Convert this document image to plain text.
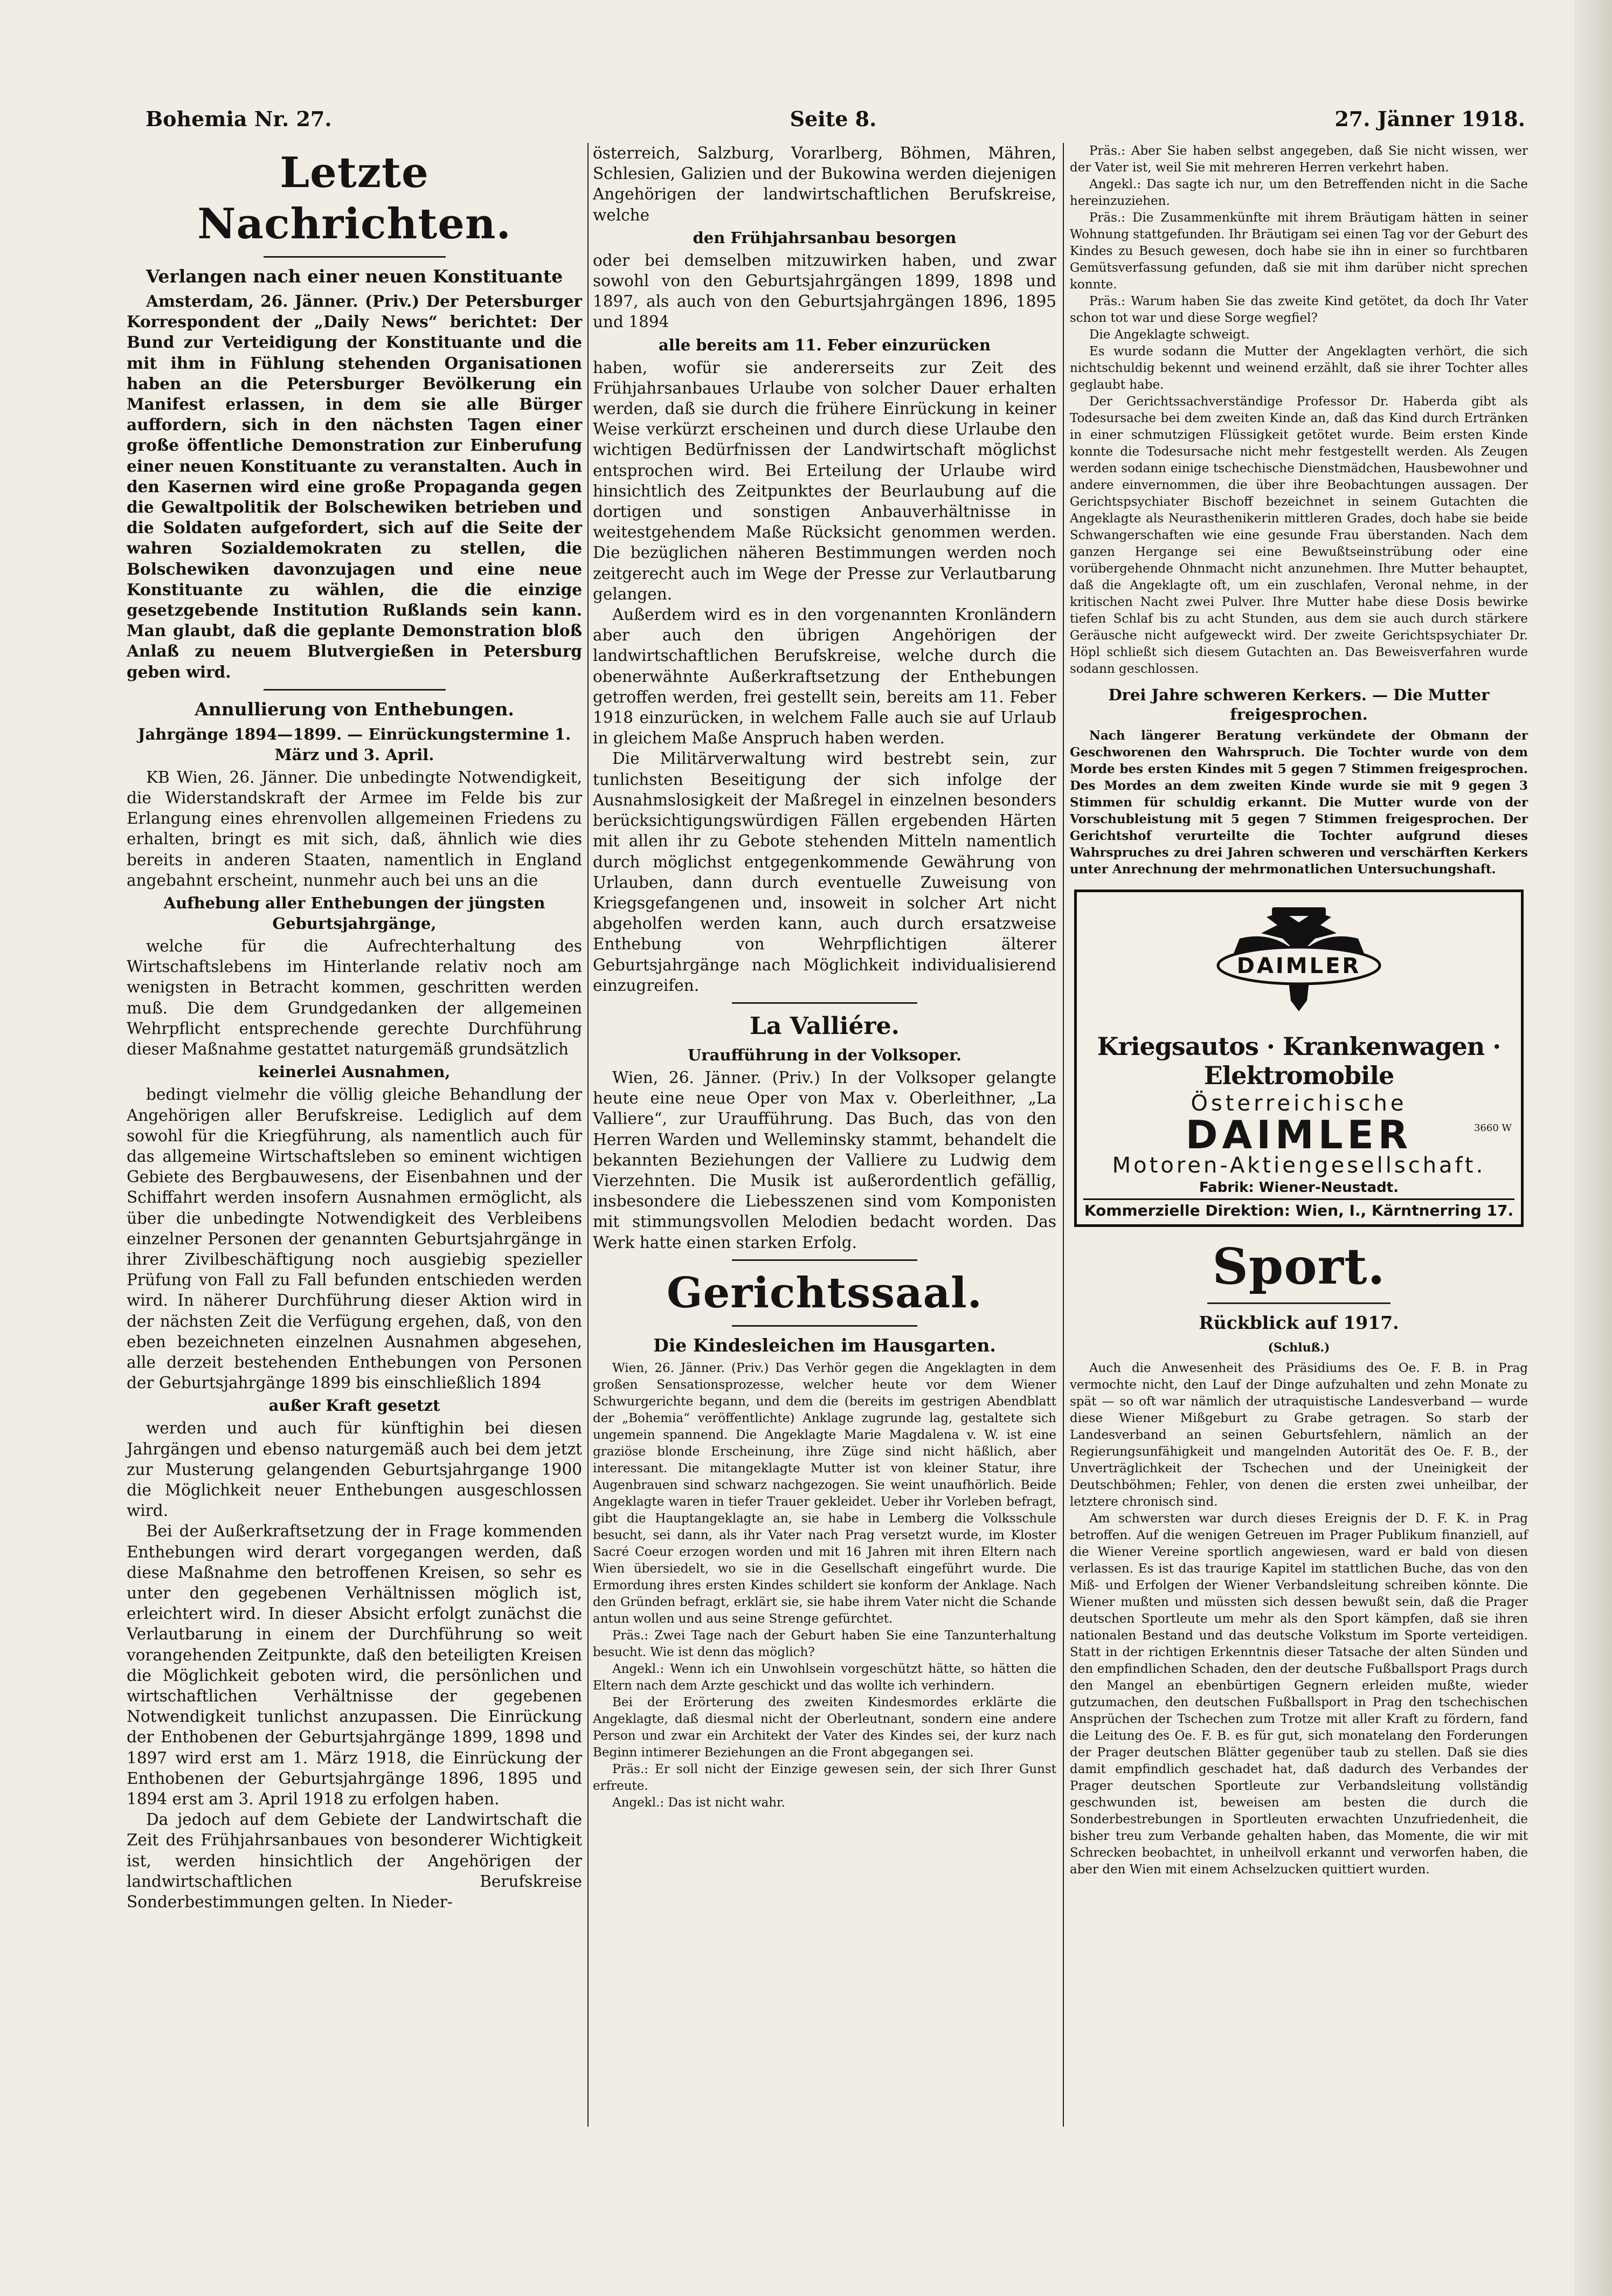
Bohemia Nr. 27.	Seite 8.	27. Jänner 1918.
Letzte Nachrichten.
Verlangen nach einer neuen Konstituante

Amsterdam, 26. Jänner. (Priv.) Der Petersburger Korrespondent der „Daily News“ berichtet: Der Bund zur Verteidigung der Konstituante und die mit ihm in Fühlung stehenden Organisationen haben an die Petersburger Bevölkerung ein Manifest erlassen, in dem sie alle Bürger auffordern, sich in den nächsten Tagen einer große öffentliche Demonstration zur Einberufung einer neuen Konstituante zu veranstalten. Auch in den Kasernen wird eine große Propaganda gegen die Gewaltpolitik der Bolschewiken betrieben und die Soldaten aufgefordert, sich auf die Seite der wahren Sozialdemokraten zu stellen, die Bolschewiken davonzujagen und eine neue Konstituante zu wählen, die die einzige gesetzgebende Institution Rußlands sein kann. Man glaubt, daß die geplante Demonstration bloß Anlaß zu neuem Blutvergießen in Petersburg geben wird.

Annullierung von Enthebungen.
Jahrgänge 1894—1899. — Einrückungstermine 1. März und 3. April.

KB Wien, 26. Jänner. Die unbedingte Notwendigkeit, die Widerstandskraft der Armee im Felde bis zur Erlangung eines ehrenvollen allgemeinen Friedens zu erhalten, bringt es mit sich, daß, ähnlich wie dies bereits in anderen Staaten, namentlich in England angebahnt erscheint, nunmehr auch bei uns an die

Aufhebung aller Enthebungen der jüngsten Geburtsjahrgänge,

welche für die Aufrechterhaltung des Wirtschaftslebens im Hinterlande relativ noch am wenigsten in Betracht kommen, geschritten werden muß. Die dem Grundgedanken der allgemeinen Wehrpflicht entsprechende gerechte Durchführung dieser Maßnahme gestattet naturgemäß grundsätzlich

keinerlei Ausnahmen,

bedingt vielmehr die völlig gleiche Behandlung der Angehörigen aller Berufskreise. Lediglich auf dem sowohl für die Kriegführung, als namentlich auch für das allgemeine Wirtschaftsleben so eminent wichtigen Gebiete des Bergbauwesens, der Eisenbahnen und der Schiffahrt werden insofern Ausnahmen ermöglicht, als über die unbedingte Notwendigkeit des Verbleibens einzelner Personen der genannten Geburtsjahrgänge in ihrer Zivilbeschäftigung noch ausgiebig spezieller Prüfung von Fall zu Fall befunden entschieden werden wird. In näherer Durchführung dieser Aktion wird in der nächsten Zeit die Verfügung ergehen, daß, von den eben bezeichneten einzelnen Ausnahmen abgesehen, alle derzeit bestehenden Enthebungen von Personen der Geburtsjahrgänge 1899 bis einschließlich 1894

außer Kraft gesetzt

werden und auch für künftighin bei diesen Jahrgängen und ebenso naturgemäß auch bei dem jetzt zur Musterung gelangenden Geburtsjahrgange 1900 die Möglichkeit neuer Enthebungen ausgeschlossen wird.

Bei der Außerkraftsetzung der in Frage kommenden Enthebungen wird derart vorgegangen werden, daß diese Maßnahme den betroffenen Kreisen, so sehr es unter den gegebenen Verhältnissen möglich ist, erleichtert wird. In dieser Absicht erfolgt zunächst die Verlautbarung in einem der Durchführung so weit vorangehenden Zeitpunkte, daß den beteiligten Kreisen die Möglichkeit geboten wird, die persönlichen und wirtschaftlichen Verhältnisse der gegebenen Notwendigkeit tunlichst anzupassen. Die Einrückung der Enthobenen der Geburtsjahrgänge 1899, 1898 und 1897 wird erst am 1. März 1918, die Einrückung der Enthobenen der Geburtsjahrgänge 1896, 1895 und 1894 erst am 3. April 1918 zu erfolgen haben.

Da jedoch auf dem Gebiete der Landwirtschaft die Zeit des Frühjahrsanbaues von besonderer Wichtigkeit ist, werden hinsichtlich der Angehörigen der landwirtschaftlichen Berufskreise Sonderbestimmungen gelten. In Nieder-

österreich, Salzburg, Vorarlberg, Böhmen, Mähren, Schlesien, Galizien und der Bukowina werden diejenigen Angehörigen der landwirtschaftlichen Berufskreise, welche

den Frühjahrsanbau besorgen

oder bei demselben mitzuwirken haben, und zwar sowohl von den Geburtsjahrgängen 1899, 1898 und 1897, als auch von den Geburtsjahrgängen 1896, 1895 und 1894

alle bereits am 11. Feber einzurücken

haben, wofür sie andererseits zur Zeit des Frühjahrsanbaues Urlaube von solcher Dauer erhalten werden, daß sie durch die frühere Einrückung in keiner Weise verkürzt erscheinen und durch diese Urlaube den wichtigen Bedürfnissen der Landwirtschaft möglichst entsprochen wird. Bei Erteilung der Urlaube wird hinsichtlich des Zeitpunktes der Beurlaubung auf die dortigen und sonstigen Anbauverhältnisse in weitestgehendem Maße Rücksicht genommen werden. Die bezüglichen näheren Bestimmungen werden noch zeitgerecht auch im Wege der Presse zur Verlautbarung gelangen.

Außerdem wird es in den vorgenannten Kronländern aber auch den übrigen Angehörigen der landwirtschaftlichen Berufskreise, welche durch die obenerwähnte Außerkraftsetzung der Enthebungen getroffen werden, frei gestellt sein, bereits am 11. Feber 1918 einzurücken, in welchem Falle auch sie auf Urlaub in gleichem Maße Anspruch haben werden.

Die Militärverwaltung wird bestrebt sein, zur tunlichsten Beseitigung der sich infolge der Ausnahmslosigkeit der Maßregel in einzelnen besonders berücksichtigungswürdigen Fällen ergebenden Härten mit allen ihr zu Gebote stehenden Mitteln namentlich durch möglichst entgegenkommende Gewährung von Urlauben, dann durch eventuelle Zuweisung von Kriegsgefangenen und, insoweit in solcher Art nicht abgeholfen werden kann, auch durch ersatzweise Enthebung von Wehrpflichtigen älterer Geburtsjahrgänge nach Möglichkeit individualisierend einzugreifen.

La Valliére.
Uraufführung in der Volksoper.

Wien, 26. Jänner. (Priv.) In der Volksoper gelangte heute eine neue Oper von Max v. Oberleithner, „La Valliere“, zur Uraufführung. Das Buch, das von den Herren Warden und Welleminsky stammt, behandelt die bekannten Beziehungen der Valliere zu Ludwig dem Vierzehnten. Die Musik ist außerordentlich gefällig, insbesondere die Liebesszenen sind vom Komponisten mit stimmungsvollen Melodien bedacht worden. Das Werk hatte einen starken Erfolg.

Gerichtssaal.
Die Kindesleichen im Hausgarten.

Wien, 26. Jänner. (Priv.) Das Verhör gegen die Angeklagten in dem großen Sensationsprozesse, welcher heute vor dem Wiener Schwurgerichte begann, und dem die (bereits im gestrigen Abendblatt der „Bohemia“ veröffentlichte) Anklage zugrunde lag, gestaltete sich ungemein spannend. Die Angeklagte Marie Magdalena v. W. ist eine graziöse blonde Erscheinung, ihre Züge sind nicht häßlich, aber interessant. Die mitangeklagte Mutter ist von kleiner Statur, ihre Augenbrauen sind schwarz nachgezogen. Sie weint unaufhörlich. Beide Angeklagte waren in tiefer Trauer gekleidet. Ueber ihr Vorleben befragt, gibt die Hauptangeklagte an, sie habe in Lemberg die Volksschule besucht, sei dann, als ihr Vater nach Prag versetzt wurde, im Kloster Sacré Coeur erzogen worden und mit 16 Jahren mit ihren Eltern nach Wien übersiedelt, wo sie in die Gesellschaft eingeführt wurde. Die Ermordung ihres ersten Kindes schildert sie konform der Anklage. Nach den Gründen befragt, erklärt sie, sie habe ihrem Vater nicht die Schande antun wollen und aus seine Strenge gefürchtet.

Präs.: Zwei Tage nach der Geburt haben Sie eine Tanzunterhaltung besucht. Wie ist denn das möglich?

Angekl.: Wenn ich ein Unwohlsein vorgeschützt hätte, so hätten die Eltern nach dem Arzte geschickt und das wollte ich verhindern.

Bei der Erörterung des zweiten Kindesmordes erklärte die Angeklagte, daß diesmal nicht der Oberleutnant, sondern eine andere Person und zwar ein Architekt der Vater des Kindes sei, der kurz nach Beginn intimerer Beziehungen an die Front abgegangen sei.

Präs.: Er soll nicht der Einzige gewesen sein, der sich Ihrer Gunst erfreute.

Angekl.: Das ist nicht wahr.

Präs.: Aber Sie haben selbst angegeben, daß Sie nicht wissen, wer der Vater ist, weil Sie mit mehreren Herren verkehrt haben.

Angekl.: Das sagte ich nur, um den Betreffenden nicht in die Sache hereinzuziehen.

Präs.: Die Zusammenkünfte mit ihrem Bräutigam hätten in seiner Wohnung stattgefunden. Ihr Bräutigam sei einen Tag vor der Geburt des Kindes zu Besuch gewesen, doch habe sie ihn in einer so furchtbaren Gemütsverfassung gefunden, daß sie mit ihm darüber nicht sprechen konnte.

Präs.: Warum haben Sie das zweite Kind getötet, da doch Ihr Vater schon tot war und diese Sorge wegfiel?

Die Angeklagte schweigt.

Es wurde sodann die Mutter der Angeklagten verhört, die sich nichtschuldig bekennt und weinend erzählt, daß sie ihrer Tochter alles geglaubt habe.

Der Gerichtssachverständige Professor Dr. Haberda gibt als Todesursache bei dem zweiten Kinde an, daß das Kind durch Ertränken in einer schmutzigen Flüssigkeit getötet wurde. Beim ersten Kinde konnte die Todesursache nicht mehr festgestellt werden. Als Zeugen werden sodann einige tschechische Dienstmädchen, Hausbewohner und andere einvernommen, die über ihre Beobachtungen aussagen. Der Gerichtspsychiater Bischoff bezeichnet in seinem Gutachten die Angeklagte als Neurasthenikerin mittleren Grades, doch habe sie beide Schwangerschaften wie eine gesunde Frau überstanden. Nach dem ganzen Hergange sei eine Bewußtseinstrübung oder eine vorübergehende Ohnmacht nicht anzunehmen. Ihre Mutter behauptet, daß die Angeklagte oft, um ein zuschlafen, Veronal nehme, in der kritischen Nacht zwei Pulver. Ihre Mutter habe diese Dosis bewirke tiefen Schlaf bis zu acht Stunden, aus dem sie auch durch stärkere Geräusche nicht aufgeweckt wird. Der zweite Gerichtspsychiater Dr. Höpl schließt sich diesem Gutachten an. Das Beweisverfahren wurde sodann geschlossen.

Drei Jahre schweren Kerkers. — Die Mutter freigesprochen.

Nach längerer Beratung verkündete der Obmann der Geschworenen den Wahrspruch. Die Tochter wurde von dem Morde bes ersten Kindes mit 5 gegen 7 Stimmen freigesprochen. Des Mordes an dem zweiten Kinde wurde sie mit 9 gegen 3 Stimmen für schuldig erkannt. Die Mutter wurde von der Vorschubleistung mit 5 gegen 7 Stimmen freigesprochen. Der Gerichtshof verurteilte die Tochter aufgrund dieses Wahrspruches zu drei Jahren schweren und verschärften Kerkers unter Anrechnung der mehrmonatlichen Untersuchungshaft.

DAIMLER
Kriegsautos · Krankenwagen · Elektromobile
Österreichische
DAIMLER	3660 W
Motoren-Aktiengesellschaft.
Fabrik: Wiener-Neustadt.
Kommerzielle Direktion: Wien, I., Kärntnerring 17.
Sport.
Rückblick auf 1917.
(Schluß.)

Auch die Anwesenheit des Präsidiums des Oe. F. B. in Prag vermochte nicht, den Lauf der Dinge aufzuhalten und zehn Monate zu spät — so oft war nämlich der utraquistische Landesverband — wurde diese Wiener Mißgeburt zu Grabe getragen. So starb der Landesverband an seinen Geburtsfehlern, nämlich an der Regierungsunfähigkeit und mangelnden Autorität des Oe. F. B., der Unverträglichkeit der Tschechen und der Uneinigkeit der Deutschböhmen; Fehler, von denen die ersten zwei unheilbar, der letztere chronisch sind.

Am schwersten war durch dieses Ereignis der D. F. K. in Prag betroffen. Auf die wenigen Getreuen im Prager Publikum finanziell, auf die Wiener Vereine sportlich angewiesen, ward er bald von diesen verlassen. Es ist das traurige Kapitel im stattlichen Buche, das von den Miß- und Erfolgen der Wiener Verbandsleitung schreiben könnte. Die Wiener mußten und müssten sich dessen bewußt sein, daß die Prager deutschen Sportleute um mehr als den Sport kämpfen, daß sie ihren nationalen Bestand und das deutsche Volkstum im Sporte verteidigen. Statt in der richtigen Erkenntnis dieser Tatsache der alten Sünden und den empfindlichen Schaden, den der deutsche Fußballsport Prags durch den Mangel an ebenbürtigen Gegnern erleiden mußte, wieder gutzumachen, den deutschen Fußballsport in Prag den tschechischen Ansprüchen der Tschechen zum Trotze mit aller Kraft zu fördern, fand die Leitung des Oe. F. B. es für gut, sich monatelang den Forderungen der Prager deutschen Blätter gegenüber taub zu stellen. Daß sie dies damit empfindlich geschadet hat, daß dadurch des Verbandes der Prager deutschen Sportleute zur Verbandsleitung vollständig geschwunden ist, beweisen am besten die durch die Sonderbestrebungen in Sportleuten erwachten Unzufriedenheit, die bisher treu zum Verbande gehalten haben, das Momente, die wir mit Schrecken beobachtet, in unheilvoll erkannt und verworfen haben, die aber den Wien mit einem Achselzucken quittiert wurden.
